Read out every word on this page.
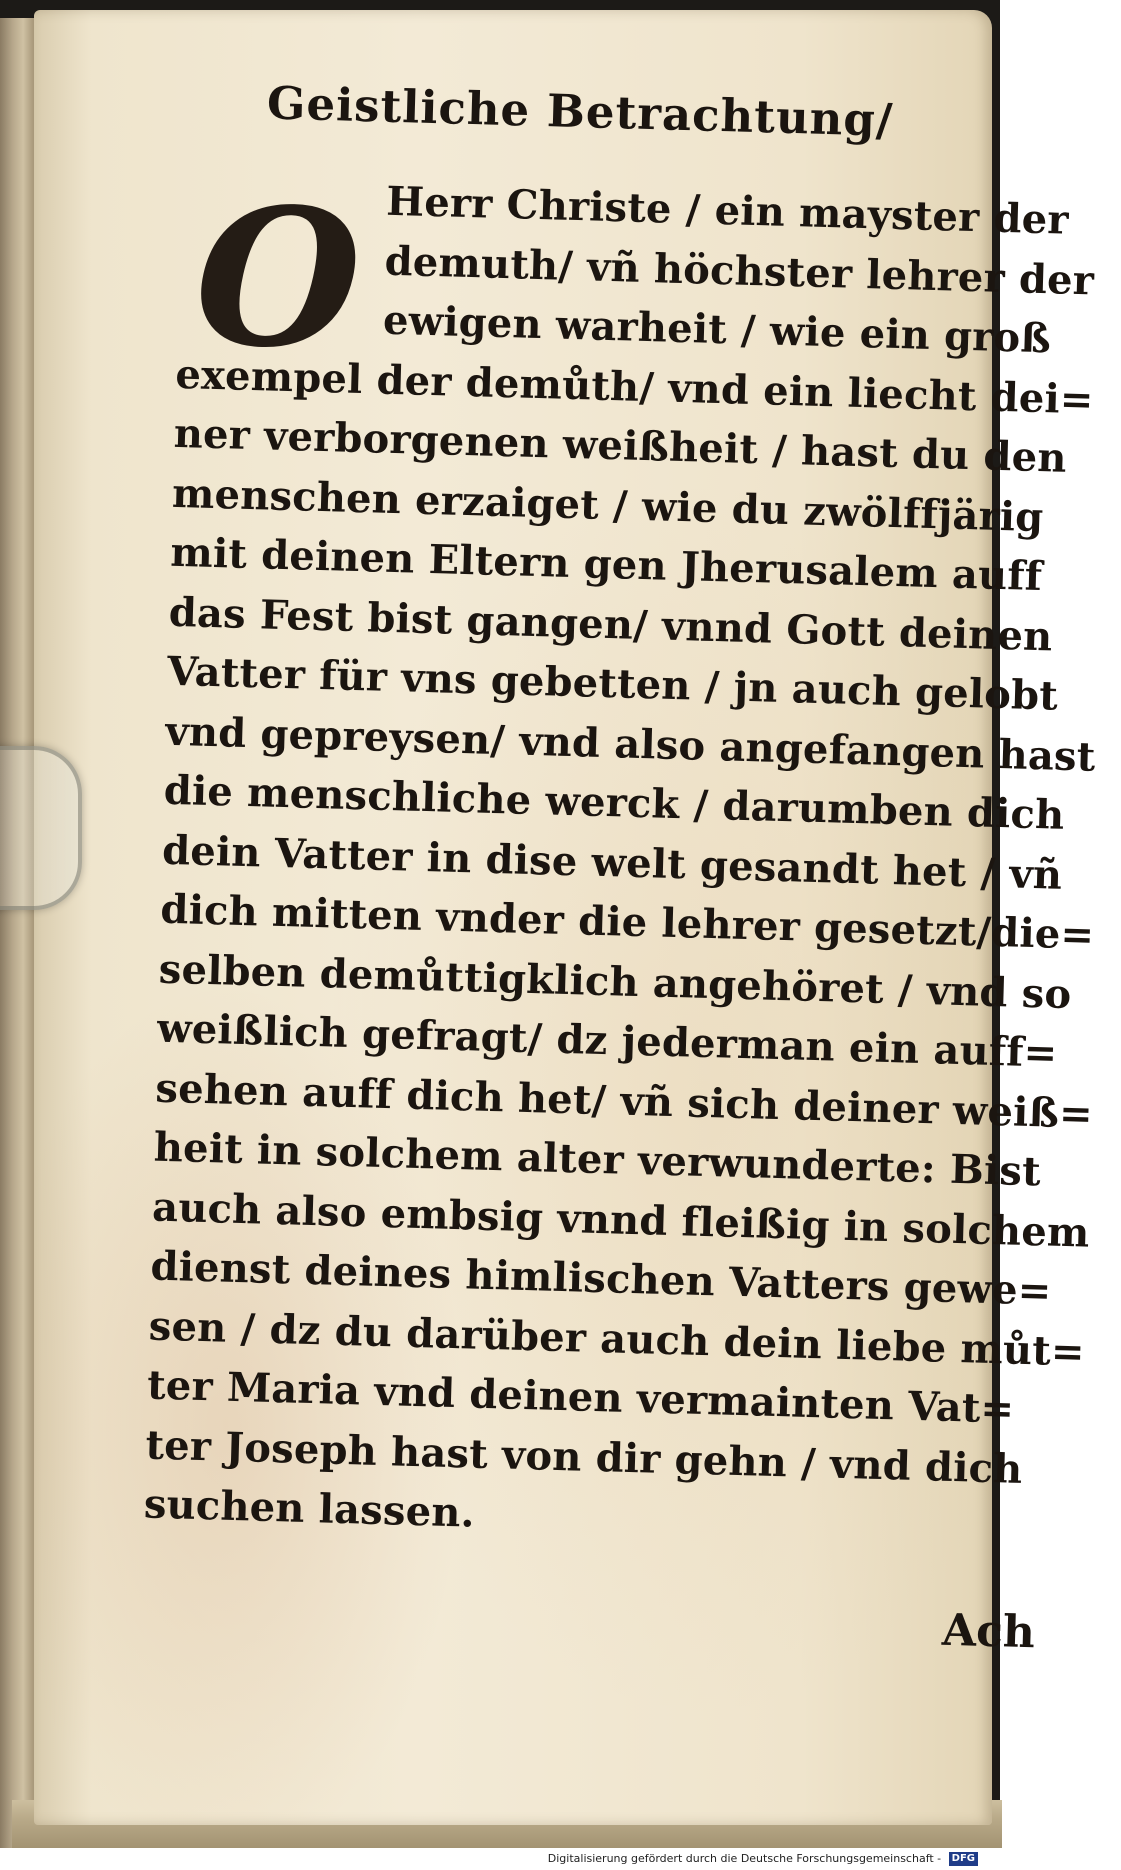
Geistliche Betrachtung/
Herr Christe / ein mayster der
demuth/ vñ höchster lehrer der
ewigen warheit / wie ein groß
exempel der demůth/ vnd ein liecht dei=
ner verborgenen weißheit / hast du den
menschen erzaiget / wie du zwölffjärig
mit deinen Eltern gen Jherusalem auff
das Fest bist gangen/ vnnd Gott deinen
Vatter für vns gebetten / jn auch gelobt
vnd gepreysen/ vnd also angefangen hast
die menschliche werck / darumben dich
dein Vatter in dise welt gesandt het / vñ
dich mitten vnder die lehrer gesetzt/die=
selben demůttigklich angehöret / vnd so
weißlich gefragt/ dz jederman ein auff=
sehen auff dich het/ vñ sich deiner weiß=
heit in solchem alter verwunderte: Bist
auch also embsig vnnd fleißig in solchem
dienst deines himlischen Vatters gewe=
sen / dz du darüber auch dein liebe můt=
ter Maria vnd deinen vermainten Vat=
ter Joseph hast von dir gehn / vnd dich
suchen lassen.
O
Ach
Digitalisierung gefördert durch die Deutsche Forschungsgemeinschaft - DFG
